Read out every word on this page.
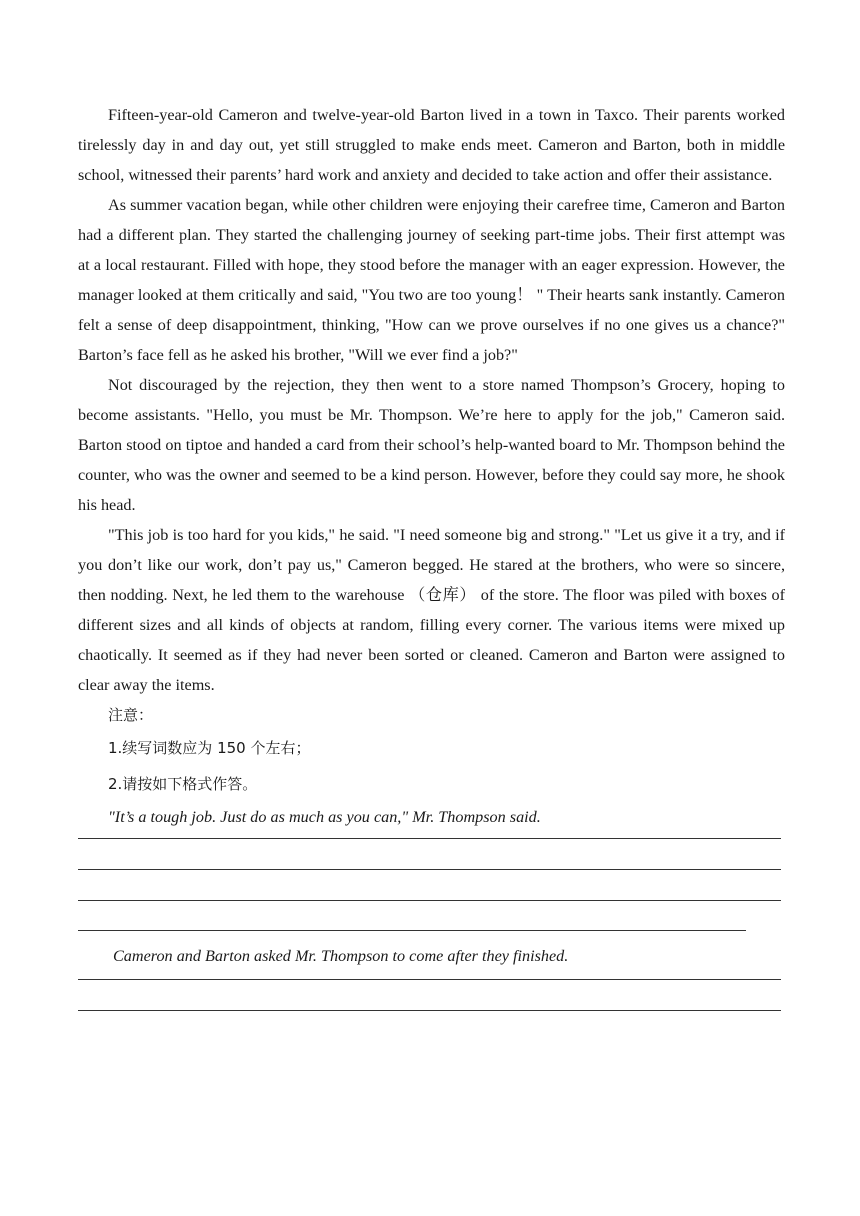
Fifteen-year-old Cameron and twelve-year-old Barton lived in a town in Taxco. Their parents worked tirelessly day in and day out, yet still struggled to make ends meet. Cameron and Barton, both in middle school, witnessed their parents’ hard work and anxiety and decided to take action and offer their assistance.

As summer vacation began, while other children were enjoying their carefree time, Cameron and Barton had a different plan. They started the challenging journey of seeking part-time jobs. Their first attempt was at a local restaurant. Filled with hope, they stood before the manager with an eager expression. However, the manager looked at them critically and said, "You two are too young！ " Their hearts sank instantly. Cameron felt a sense of deep disappointment, thinking, "How can we prove ourselves if no one gives us a chance?" Barton’s face fell as he asked his brother, "Will we ever find a job?"

Not discouraged by the rejection, they then went to a store named Thompson’s Grocery, hoping to become assistants. "Hello, you must be Mr. Thompson. We’re here to apply for the job," Cameron said. Barton stood on tiptoe and handed a card from their school’s help-wanted board to Mr. Thompson behind the counter, who was the owner and seemed to be a kind person. However, before they could say more, he shook his head.

"This job is too hard for you kids," he said. "I need someone big and strong." "Let us give it a try, and if you don’t like our work, don’t pay us," Cameron begged. He stared at the brothers, who were so sincere, then nodding. Next, he led them to the warehouse （仓库） of the store. The floor was piled with boxes of different sizes and all kinds of objects at random, filling every corner. The various items were mixed up chaotically. It seemed as if they had never been sorted or cleaned. Cameron and Barton were assigned to clear away the items.

注意：

1.续写词数应为 150 个左右；

2.请按如下格式作答。

"It’s a tough job. Just do as much as you can," Mr. Thompson said.

Cameron and Barton asked Mr. Thompson to come after they finished.
